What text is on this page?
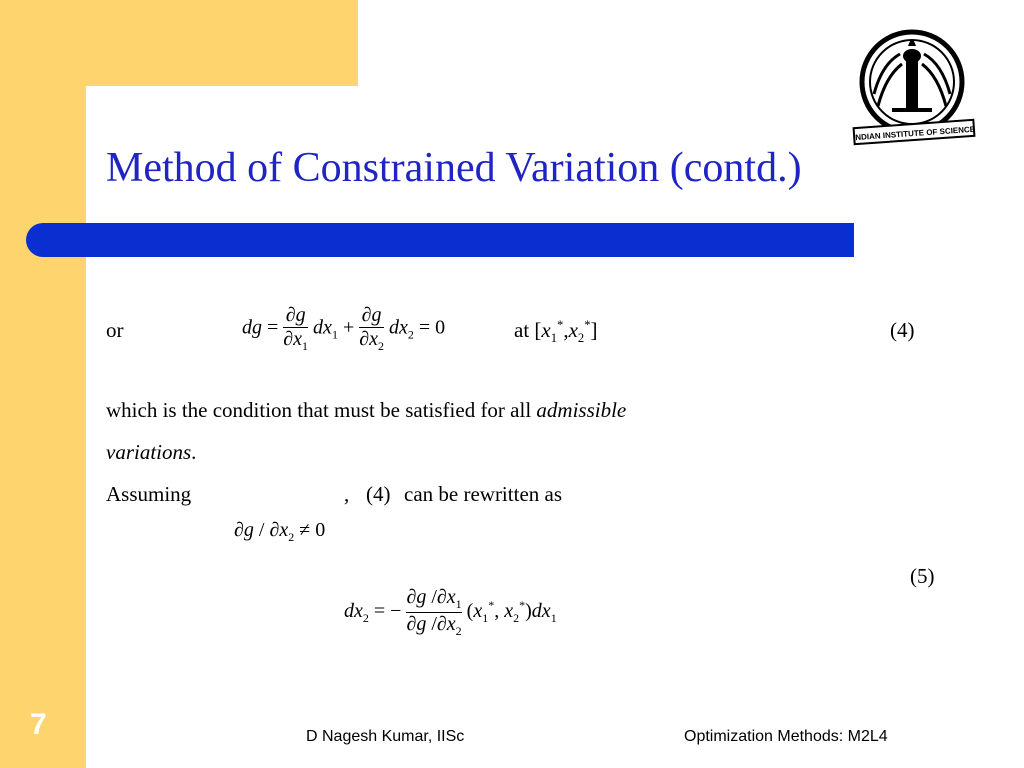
INDIAN INSTITUTE OF SCIENCE
Method of Constrained Variation (contd.)
or	dg = $\frac{\partial g}{\partial x_1} dx_1 + \frac{\partial g}{\partial x_2} dx_2 = 0$	at $[x_1^*,x_2^*]$	(4)
which is the condition that must be satisfied for all admissible
variations.
Assuming	, (4) can be rewritten as
$\partial g / \partial x_2 \ne 0$
(5)
$dx_2$ = − $\frac{\partial g /\partial x_1}{\partial g /\partial x_2} (x_1^*$, $x_2^*)dx_1$
7	D Nagesh Kumar, IISc	Optimization Methods: M2L4
